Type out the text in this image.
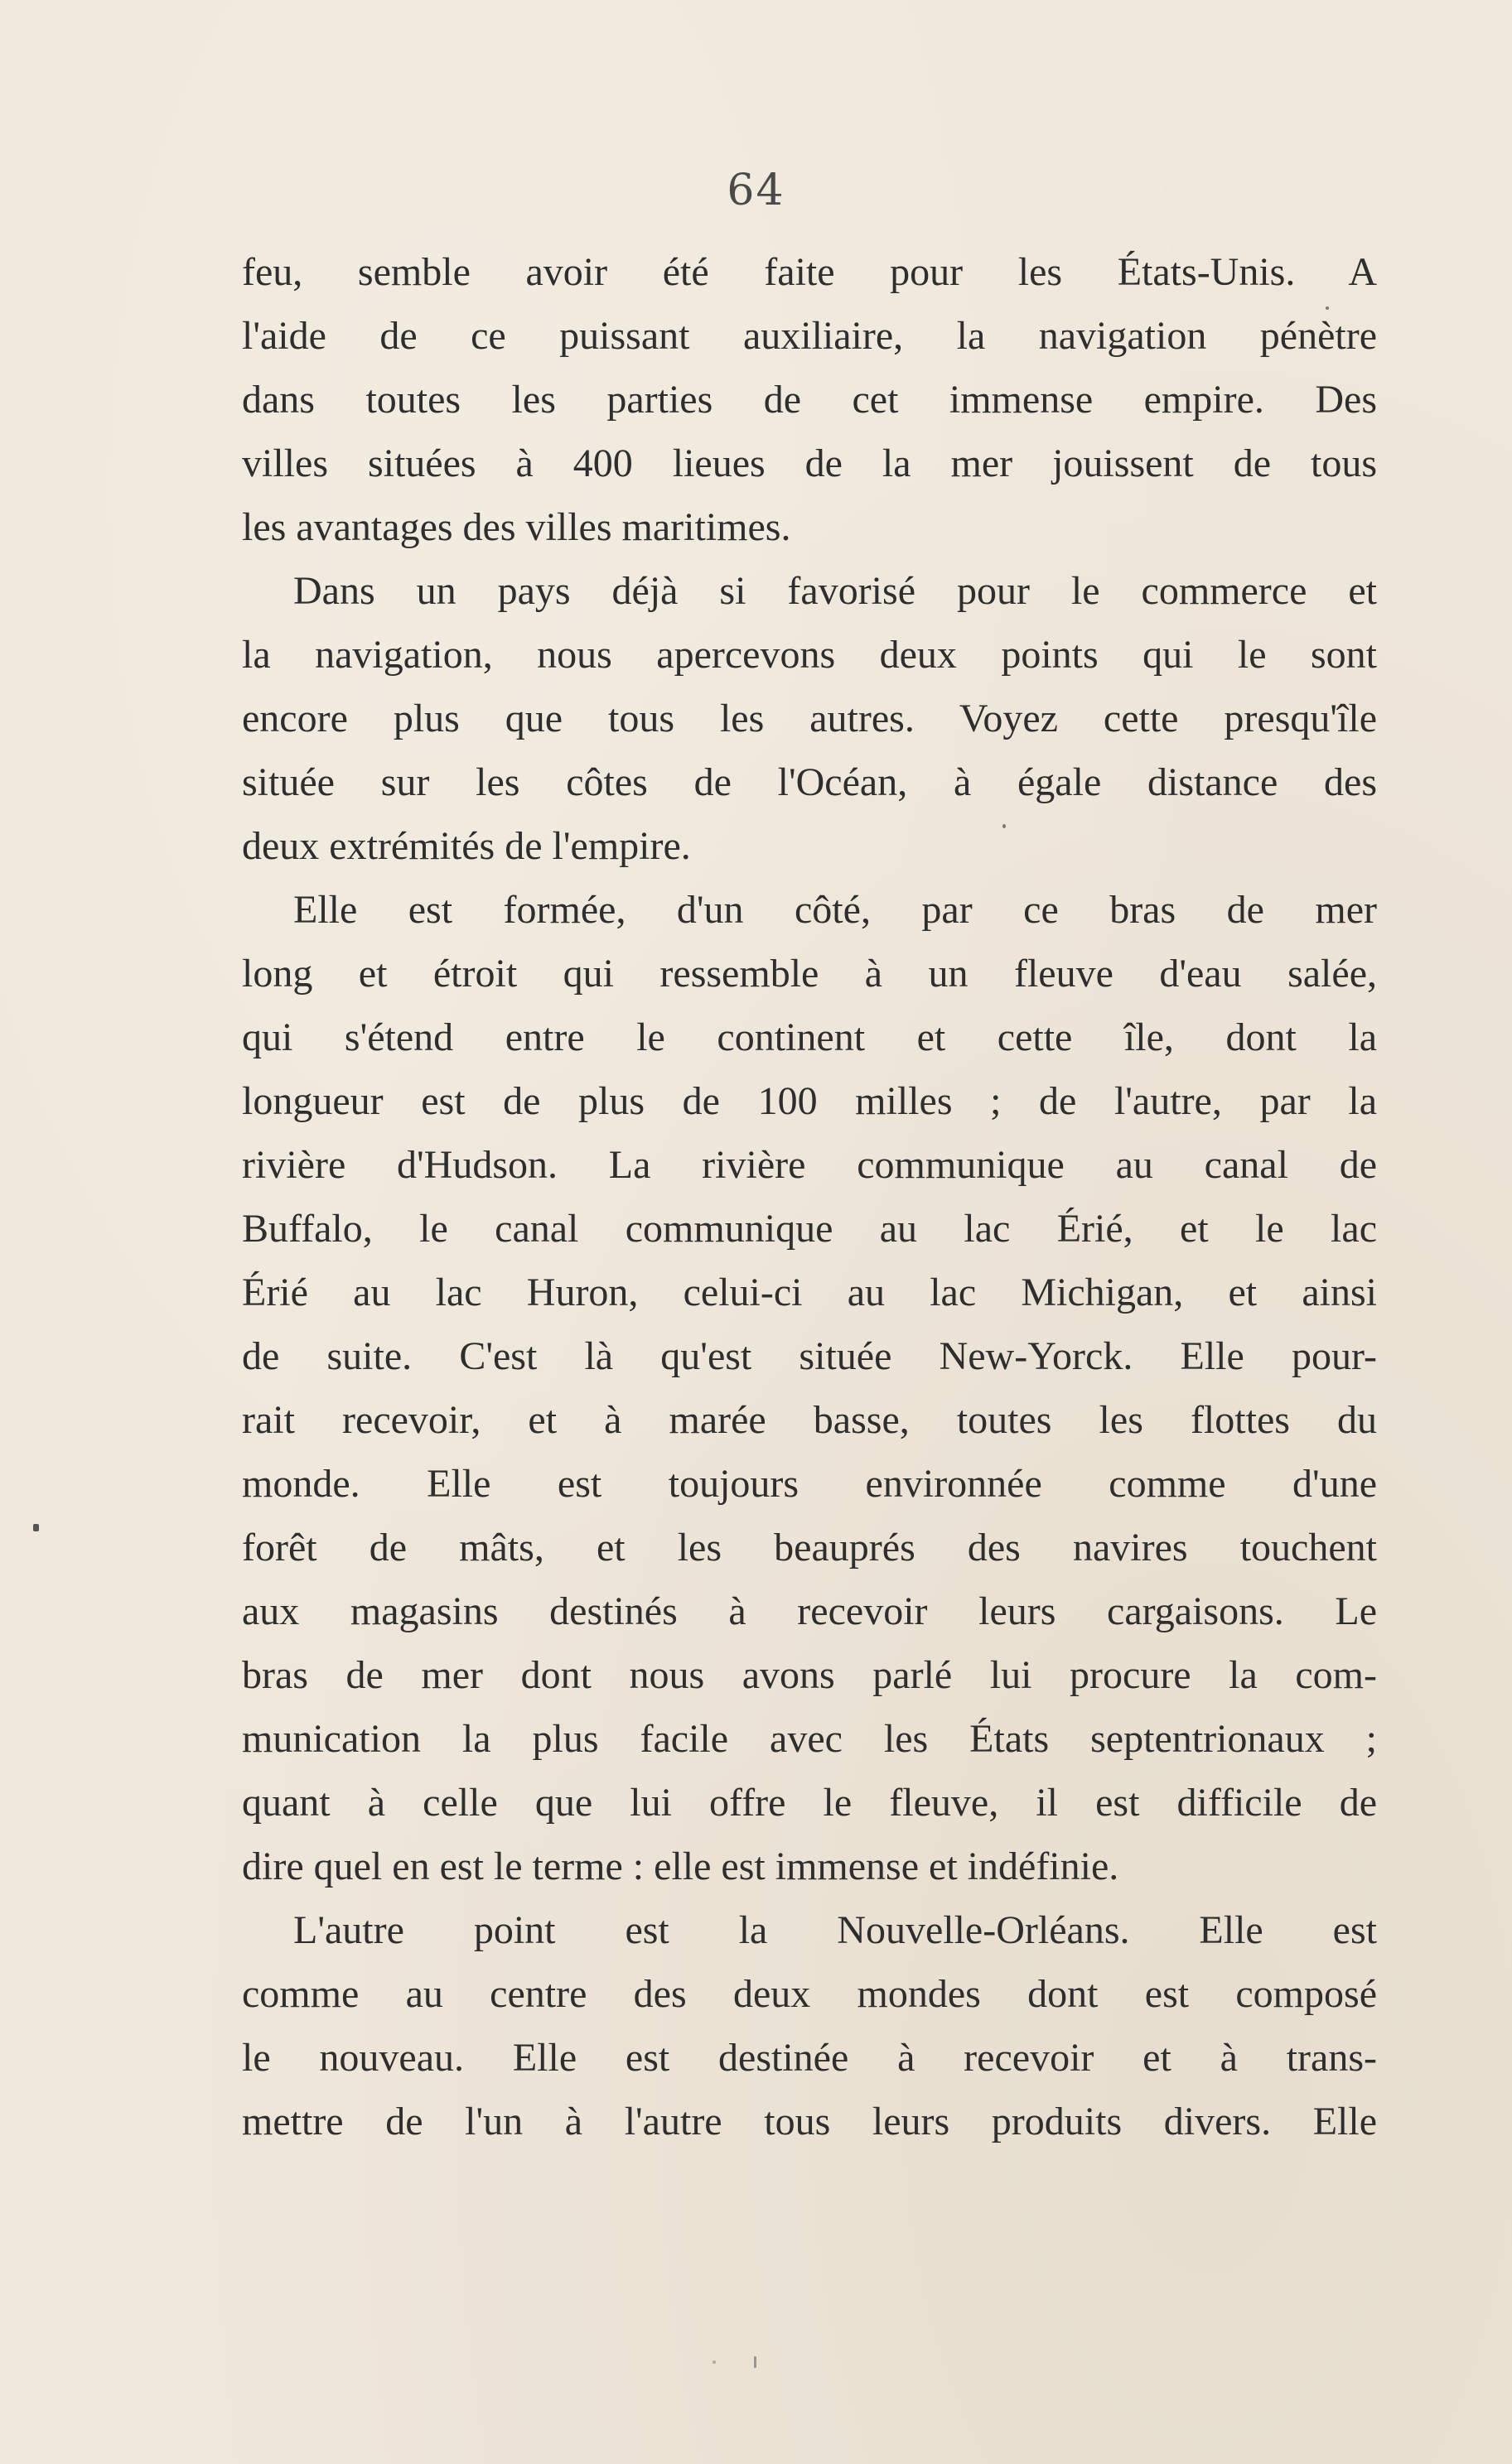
64

feu, semble avoir été faite pour les États-Unis. A
l'aide de ce puissant auxiliaire, la navigation pénètre
dans toutes les parties de cet immense empire. Des
villes situées à 400 lieues de la mer jouissent de tous
les avantages des villes maritimes.

Dans un pays déjà si favorisé pour le commerce et
la navigation, nous apercevons deux points qui le sont
encore plus que tous les autres. Voyez cette presqu'île
située sur les côtes de l'Océan, à égale distance des
deux extrémités de l'empire.

Elle est formée, d'un côté, par ce bras de mer
long et étroit qui ressemble à un fleuve d'eau salée,
qui s'étend entre le continent et cette île, dont la
longueur est de plus de 100 milles ; de l'autre, par la
rivière d'Hudson. La rivière communique au canal de
Buffalo, le canal communique au lac Érié, et le lac
Érié au lac Huron, celui-ci au lac Michigan, et ainsi
de suite. C'est là qu'est située New-Yorck. Elle pour-
rait recevoir, et à marée basse, toutes les flottes du
monde. Elle est toujours environnée comme d'une
forêt de mâts, et les beauprés des navires touchent
aux magasins destinés à recevoir leurs cargaisons. Le
bras de mer dont nous avons parlé lui procure la com-
munication la plus facile avec les États septentrionaux ;
quant à celle que lui offre le fleuve, il est difficile de
dire quel en est le terme : elle est immense et indéfinie.

L'autre point est la Nouvelle-Orléans. Elle est
comme au centre des deux mondes dont est composé
le nouveau. Elle est destinée à recevoir et à trans-
mettre de l'un à l'autre tous leurs produits divers. Elle
